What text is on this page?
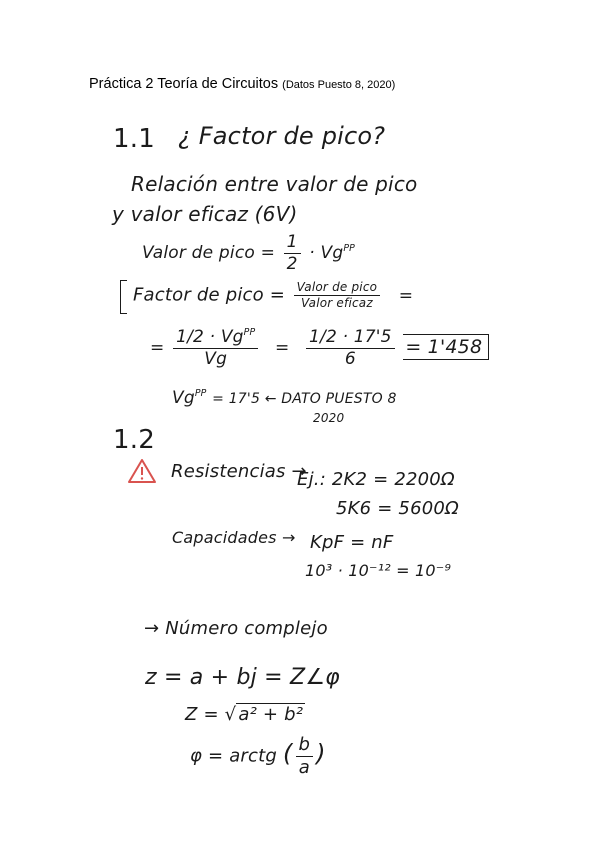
Práctica 2 Teoría de Circuitos (Datos Puesto 8, 2020)
1.1 ¿ Factor de pico?
Relación entre valor de pico
y valor eficaz (6V)
Valor de pico = $\frac{1}{2} \cdot Vg^{PP}$
Factor de pico = $\frac{\text{Valor de pico}}{\text{Valor eficaz}}$ =
= $\frac{1/2 \cdot Vg^{PP}}{Vg} = \frac{1/2 \cdot 17'5}{6} = 1'458$
$Vg^{PP} = 17'5$ ← DATO PUESTO 8
2020
1.2
Resistencias →
Ej.: 2K2 = 2200Ω
5K6 = 5600Ω
Capacidades → KpF = nF
10³ · 10⁻¹² = 10⁻⁹
→ Número complejo
z = a + bj = Z∠φ
Z = √ a² + b²
φ = arctg ( $\frac{b}{a}$ )
